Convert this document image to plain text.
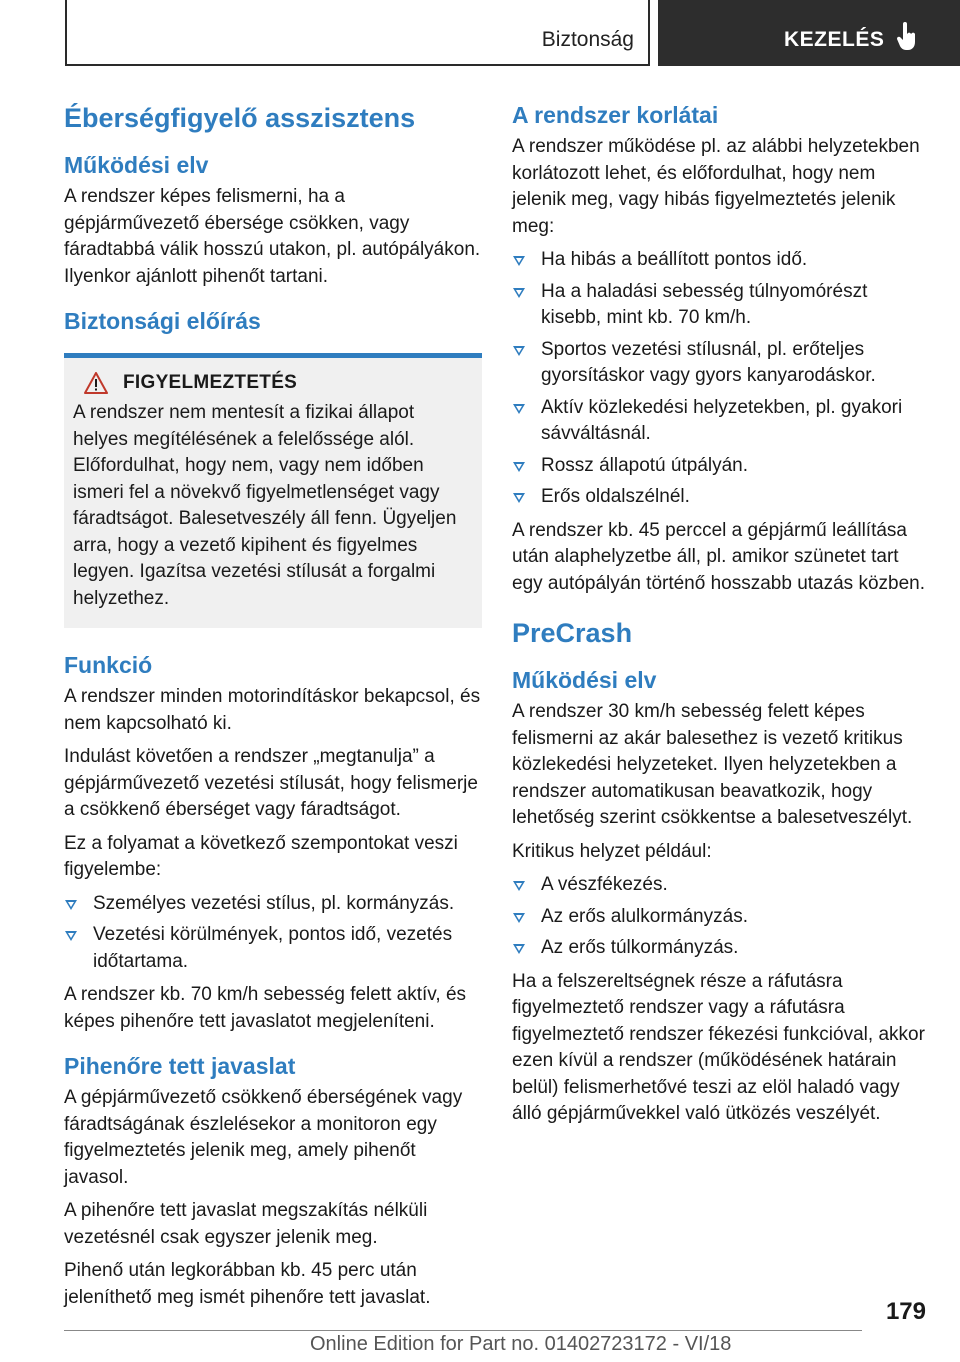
Biztonság	KEZELÉS
Éberségfigyelő asszisztens
Működési elv

A rendszer képes felismerni, ha a gépjárművezető ébersége csökken, vagy fáradtabbá válik hosszú utakon, pl. autópályákon. Ilyenkor ajánlott pihenőt tartani.

Biztonsági előírás
FIGYELMEZTETÉS

A rendszer nem mentesít a fizikai állapot helyes megítélésének a felelőssége alól. Előfordulhat, hogy nem, vagy nem időben ismeri fel a növekvő figyelmetlenséget vagy fáradtságot. Balesetveszély áll fenn. Ügyeljen arra, hogy a vezető kipihent és figyelmes legyen. Igazítsa vezetési stílusát a forgalmi helyzethez.

Funkció

A rendszer minden motorindításkor bekapcsol, és nem kapcsolható ki.

Indulást követően a rendszer „megtanulja” a gépjárművezető vezetési stílusát, hogy felismerje a csökkenő éberséget vagy fáradtságot.

Ez a folyamat a következő szempontokat veszi figyelembe:

Személyes vezetési stílus, pl. kormányzás.
Vezetési körülmények, pontos idő, vezetés időtartama.

A rendszer kb. 70 km/h sebesség felett aktív, és képes pihenőre tett javaslatot megjeleníteni.

Pihenőre tett javaslat

A gépjárművezető csökkenő éberségének vagy fáradtságának észlelésekor a monitoron egy figyelmeztetés jelenik meg, amely pihenőt javasol.

A pihenőre tett javaslat megszakítás nélküli vezetésnél csak egyszer jelenik meg.

Pihenő után legkorábban kb. 45 perc után jeleníthető meg ismét pihenőre tett javaslat.

A rendszer korlátai

A rendszer működése pl. az alábbi helyzetekben korlátozott lehet, és előfordulhat, hogy nem jelenik meg, vagy hibás figyelmeztetés jelenik meg:

Ha hibás a beállított pontos idő.
Ha a haladási sebesség túlnyomórészt kisebb, mint kb. 70 km/h.
Sportos vezetési stílusnál, pl. erőteljes gyorsításkor vagy gyors kanyarodáskor.
Aktív közlekedési helyzetekben, pl. gyakori sávváltásnál.
Rossz állapotú útpályán.
Erős oldalszélnél.

A rendszer kb. 45 perccel a gépjármű leállítása után alaphelyzetbe áll, pl. amikor szünetet tart egy autópályán történő hosszabb utazás közben.

PreCrash
Működési elv

A rendszer 30 km/h sebesség felett képes felismerni az akár balesethez is vezető kritikus közlekedési helyzeteket. Ilyen helyzetekben a rendszer automatikusan beavatkozik, hogy lehetőség szerint csökkentse a balesetveszélyt.

Kritikus helyzet például:

A vészfékezés.
Az erős alulkormányzás.
Az erős túlkormányzás.

Ha a felszereltségnek része a ráfutásra figyelmeztető rendszer vagy a ráfutásra figyelmeztető rendszer fékezési funkcióval, akkor ezen kívül a rendszer (működésének határain belül) felismerhetővé teszi az elöl haladó vagy álló gépjárművekkel való ütközés veszélyét.

179
Online Edition for Part no. 01402723172 - VI/18
